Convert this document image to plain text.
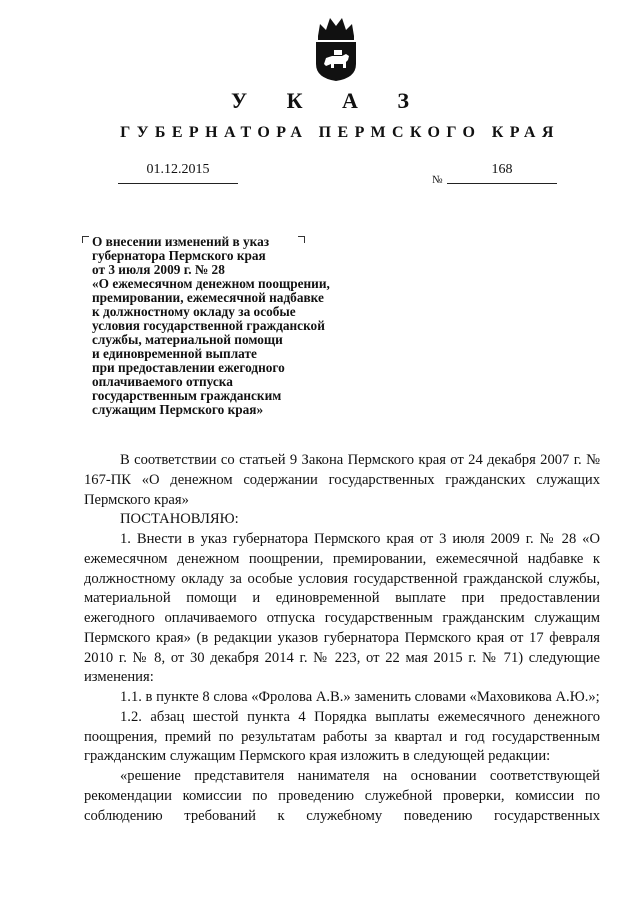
У К А З
ГУБЕРНАТОРА ПЕРМСКОГО КРАЯ
01.12.2015
№
168
О внесении изменений в указ
губернатора Пермского края
от 3 июля 2009 г. № 28
«О ежемесячном денежном поощрении,
премировании, ежемесячной надбавке
к должностному окладу за особые
условия государственной гражданской
службы, материальной помощи
и единовременной выплате
при предоставлении ежегодного
оплачиваемого отпуска
государственным гражданским
служащим Пермского края»

В соответствии со статьей 9 Закона Пермского края от 24 декабря 2007 г. № 167-ПК «О денежном содержании государственных гражданских служащих Пермского края»

ПОСТАНОВЛЯЮ:

1. Внести в указ губернатора Пермского края от 3 июля 2009 г. № 28 «О ежемесячном денежном поощрении, премировании, ежемесячной надбавке к должностному окладу за особые условия государственной гражданской службы, материальной помощи и единовременной выплате при предоставлении ежегодного оплачиваемого отпуска государственным гражданским служащим Пермского края» (в редакции указов губернатора Пермского края от 17 февраля 2010 г. № 8, от 30 декабря 2014 г. № 223, от 22 мая 2015 г. № 71) следующие изменения:

1.1. в пункте 8 слова «Фролова А.В.» заменить словами «Маховикова А.Ю.»;

1.2. абзац шестой пункта 4 Порядка выплаты ежемесячного денежного поощрения, премий по результатам работы за квартал и год государственным гражданским служащим Пермского края изложить в следующей редакции:

«решение представителя нанимателя на основании соответствующей рекомендации комиссии по проведению служебной проверки, комиссии по соблюдению требований к служебному поведению государственных
